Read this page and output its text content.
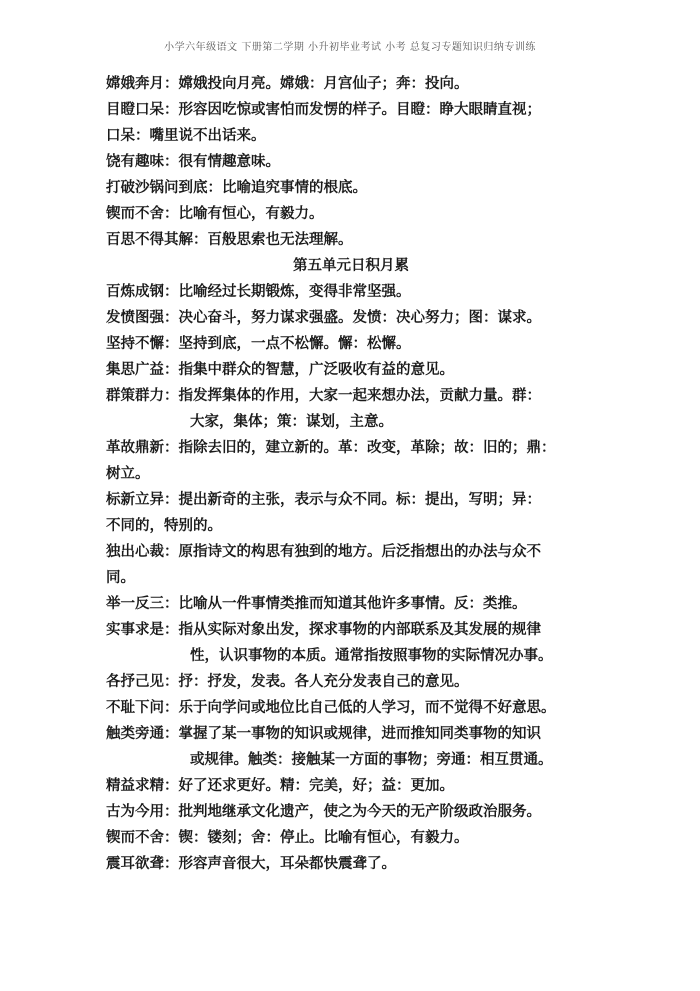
小学六年级语文 下册第二学期 小升初毕业考试 小考 总复习专题知识归纳专训练
嫦娥奔月：嫦娥投向月亮。嫦娥：月宫仙子；奔：投向。
目瞪口呆：形容因吃惊或害怕而发愣的样子。目瞪：睁大眼睛直视；
口呆：嘴里说不出话来。
饶有趣味：很有情趣意味。
打破沙锅问到底：比喻追究事情的根底。
锲而不舍：比喻有恒心，有毅力。
百思不得其解：百般思索也无法理解。
第五单元日积月累
百炼成钢：比喻经过长期锻炼，变得非常坚强。
发愤图强：决心奋斗，努力谋求强盛。发愤：决心努力；图：谋求。
坚持不懈：坚持到底，一点不松懈。懈：松懈。
集思广益：指集中群众的智慧，广泛吸收有益的意见。
群策群力：指发挥集体的作用，大家一起来想办法，贡献力量。群：
大家，集体；策：谋划，主意。
革故鼎新：指除去旧的，建立新的。革：改变，革除；故：旧的；鼎：
树立。
标新立异：提出新奇的主张，表示与众不同。标：提出，写明；异：
不同的，特别的。
独出心裁：原指诗文的构思有独到的地方。后泛指想出的办法与众不
同。
举一反三：比喻从一件事情类推而知道其他许多事情。反：类推。
实事求是：指从实际对象出发，探求事物的内部联系及其发展的规律
性，认识事物的本质。通常指按照事物的实际情况办事。
各抒己见：抒：抒发，发表。各人充分发表自己的意见。
不耻下问：乐于向学问或地位比自己低的人学习，而不觉得不好意思。
触类旁通：掌握了某一事物的知识或规律，进而推知同类事物的知识
或规律。触类：接触某一方面的事物；旁通：相互贯通。
精益求精：好了还求更好。精：完美，好；益：更加。
古为今用：批判地继承文化遗产，使之为今天的无产阶级政治服务。
锲而不舍：锲：镂刻；舍：停止。比喻有恒心，有毅力。
震耳欲聋：形容声音很大，耳朵都快震聋了。
